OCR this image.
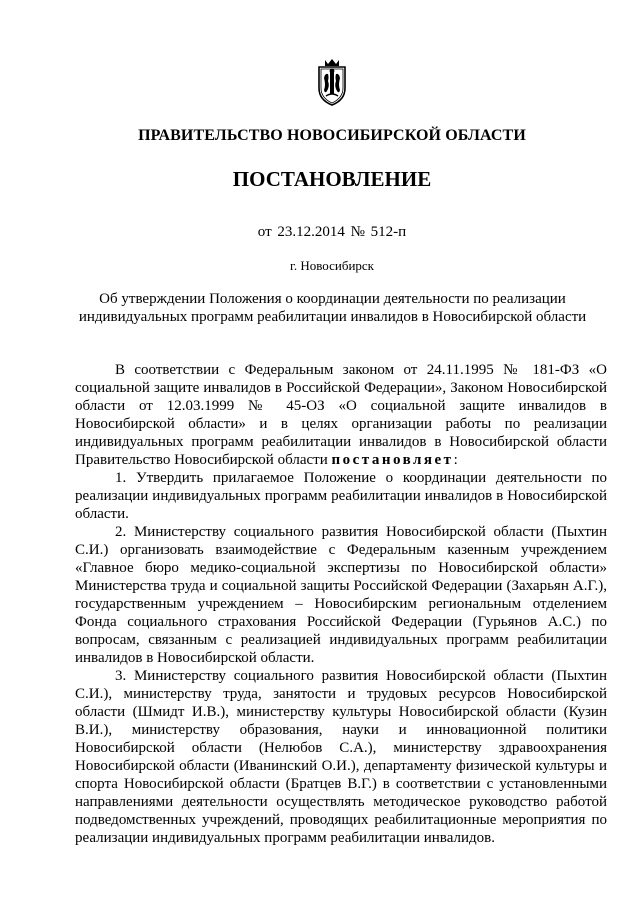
ПРАВИТЕЛЬСТВО НОВОСИБИРСКОЙ ОБЛАСТИ
ПОСТАНОВЛЕНИЕ
от 23.12.2014 № 512-п
г. Новосибирск
Об утверждении Положения о координации деятельности по реализации индивидуальных программ реабилитации инвалидов в Новосибирской области

В соответствии с Федеральным законом от 24.11.1995 № 181-ФЗ «О социальной защите инвалидов в Российской Федерации», Законом Новосибирской области от 12.03.1999 № 45-ОЗ «О социальной защите инвалидов в Новосибирской области» и в целях организации работы по реализации индивидуальных программ реабилитации инвалидов в Новосибирской области Правительство Новосибирской области постановляет:

1. Утвердить прилагаемое Положение о координации деятельности по реализации индивидуальных программ реабилитации инвалидов в Новосибирской области.

2. Министерству социального развития Новосибирской области (Пыхтин С.И.) организовать взаимодействие с Федеральным казенным учреждением «Главное бюро медико-социальной экспертизы по Новосибирской области» Министерства труда и социальной защиты Российской Федерации (Захарьян А.Г.), государственным учреждением – Новосибирским региональным отделением Фонда социального страхования Российской Федерации (Гурьянов А.С.) по вопросам, связанным с реализацией индивидуальных программ реабилитации инвалидов в Новосибирской области.

3. Министерству социального развития Новосибирской области (Пыхтин С.И.), министерству труда, занятости и трудовых ресурсов Новосибирской области (Шмидт И.В.), министерству культуры Новосибирской области (Кузин В.И.), министерству образования, науки и инновационной политики Новосибирской области (Нелюбов С.А.), министерству здравоохранения Новосибирской области (Иванинский О.И.), департаменту физической культуры и спорта Новосибирской области (Братцев В.Г.) в соответствии с установленными направлениями деятельности осуществлять методическое руководство работой подведомственных учреждений, проводящих реабилитационные мероприятия по реализации индивидуальных программ реабилитации инвалидов.
